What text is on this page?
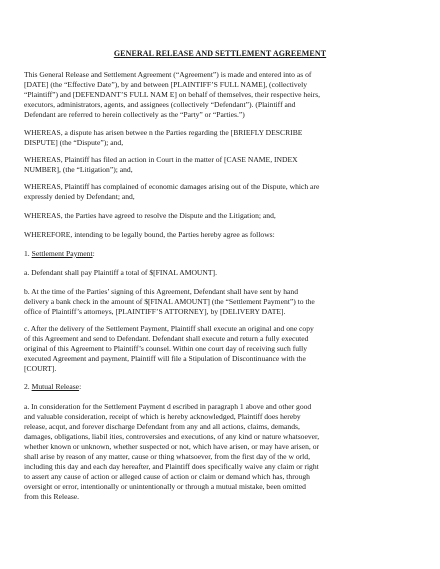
GENERAL RELEASE AND SETTLEMENT AGREEMENT
This General Release and Settlement Agreement (“Agreement”) is made and entered into as of
[DATE] (the “Effective Date”), by and between [PLAINTIFF’S FULL NAME], (collectively
“Plaintiff”) and [DEFENDANT’S FULL NAM E] on behalf of themselves, their respective heirs,
executors, administrators, agents, and assignees (collectively “Defendant”). (Plaintiff and
Defendant are referred to herein collectively as the “Party” or “Parties.”)
WHEREAS, a dispute has arisen betwee n the Parties regarding the [BRIEFLY DESCRIBE
DISPUTE] (the “Dispute”); and,
WHEREAS, Plaintiff has filed an action in Court in the matter of [CASE NAME, INDEX
NUMBER], (the “Litigation”); and,
WHEREAS, Plaintiff has complained of economic damages arising out of the Dispute, which are
expressly denied by Defendant; and,
WHEREAS, the Parties have agreed to resolve the Dispute and the Litigation; and,
WHEREFORE, intending to be legally bound, the Parties hereby agree as follows:
1. Settlement Payment:
a. Defendant shall pay Plaintiff a total of $[FINAL AMOUNT].
b. At the time of the Parties’ signing of this Agreement, Defendant shall have sent by hand
delivery a bank check in the amount of $[FINAL AMOUNT] (the “Settlement Payment”) to the
office of Plaintiff’s attorneys, [PLAINTIFF’S ATTORNEY], by [DELIVERY DATE].
c. After the delivery of the Settlement Payment, Plaintiff shall execute an original and one copy
of this Agreement and send to Defendant. Defendant shall execute and return a fully executed
original of this Agreement to Plaintiff’s counsel. Within one court day of receiving such fully
executed Agreement and payment, Plaintiff will file a Stipulation of Discontinuance with the
[COURT].
2. Mutual Release:
a. In consideration for the Settlement Payment d escribed in paragraph 1 above and other good
and valuable consideration, receipt of which is hereby acknowledged, Plaintiff does hereby
release, acqut, and forever discharge Defendant from any and all actions, claims, demands,
damages, obligations, liabil ities, controversies and executions, of any kind or nature whatsoever,
whether known or unknown, whether suspected or not, which have arisen, or may have arisen, or
shall arise by reason of any matter, cause or thing whatsoever, from the first day of the w orld,
including this day and each day hereafter, and Plaintiff does specifically waive any claim or right
to assert any cause of action or alleged cause of action or claim or demand which has, through
oversight or error, intentionally or unintentionally or through a mutual mistake, been omitted
from this Release.
